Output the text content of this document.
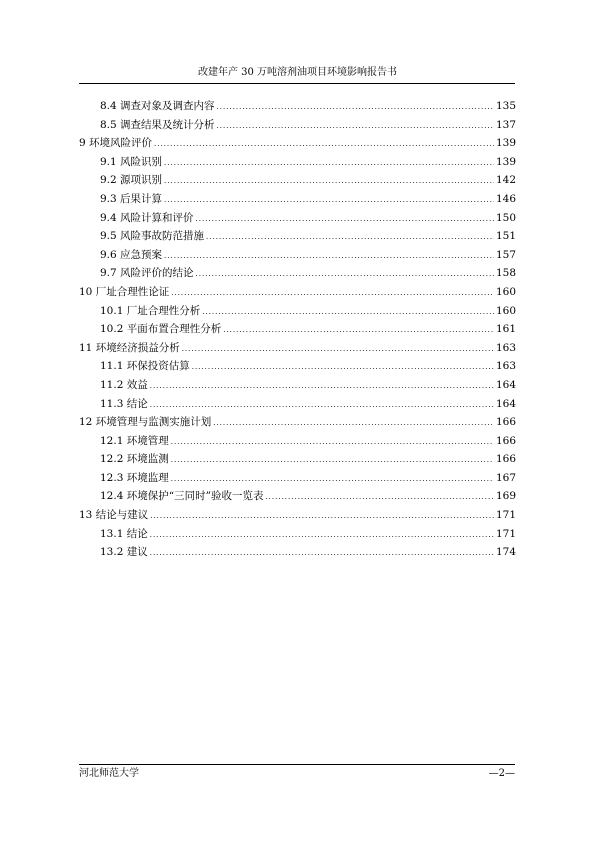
改建年产 30 万吨溶剂油项目环境影响报告书
8.4 调查对象及调查内容 .....	135
8.5 调查结果及统计分析 .....	137
9 环境风险评价 .....	139
9.1 风险识别 .....	139
9.2 源项识别 .....	142
9.3 后果计算 .....	146
9.4 风险计算和评价 .....	150
9.5 风险事故防范措施 .....	151
9.6 应急预案 .....	157
9.7 风险评价的结论 .....	158
10 厂址合理性论证 .....	160
10.1 厂址合理性分析 .....	160
10.2 平面布置合理性分析 .....	161
11 环境经济损益分析 .....	163
11.1 环保投资估算 .....	163
11.2 效益 .....	164
11.3 结论 .....	164
12 环境管理与监测实施计划 .....	166
12.1 环境管理 .....	166
12.2 环境监测 .....	166
12.3 环境监理 .....	167
12.4 环境保护“三同时”验收一览表 .....	169
13 结论与建议 .....	171
13.1 结论 .....	171
13.2 建议 .....	174
河北师范大学	—2—
